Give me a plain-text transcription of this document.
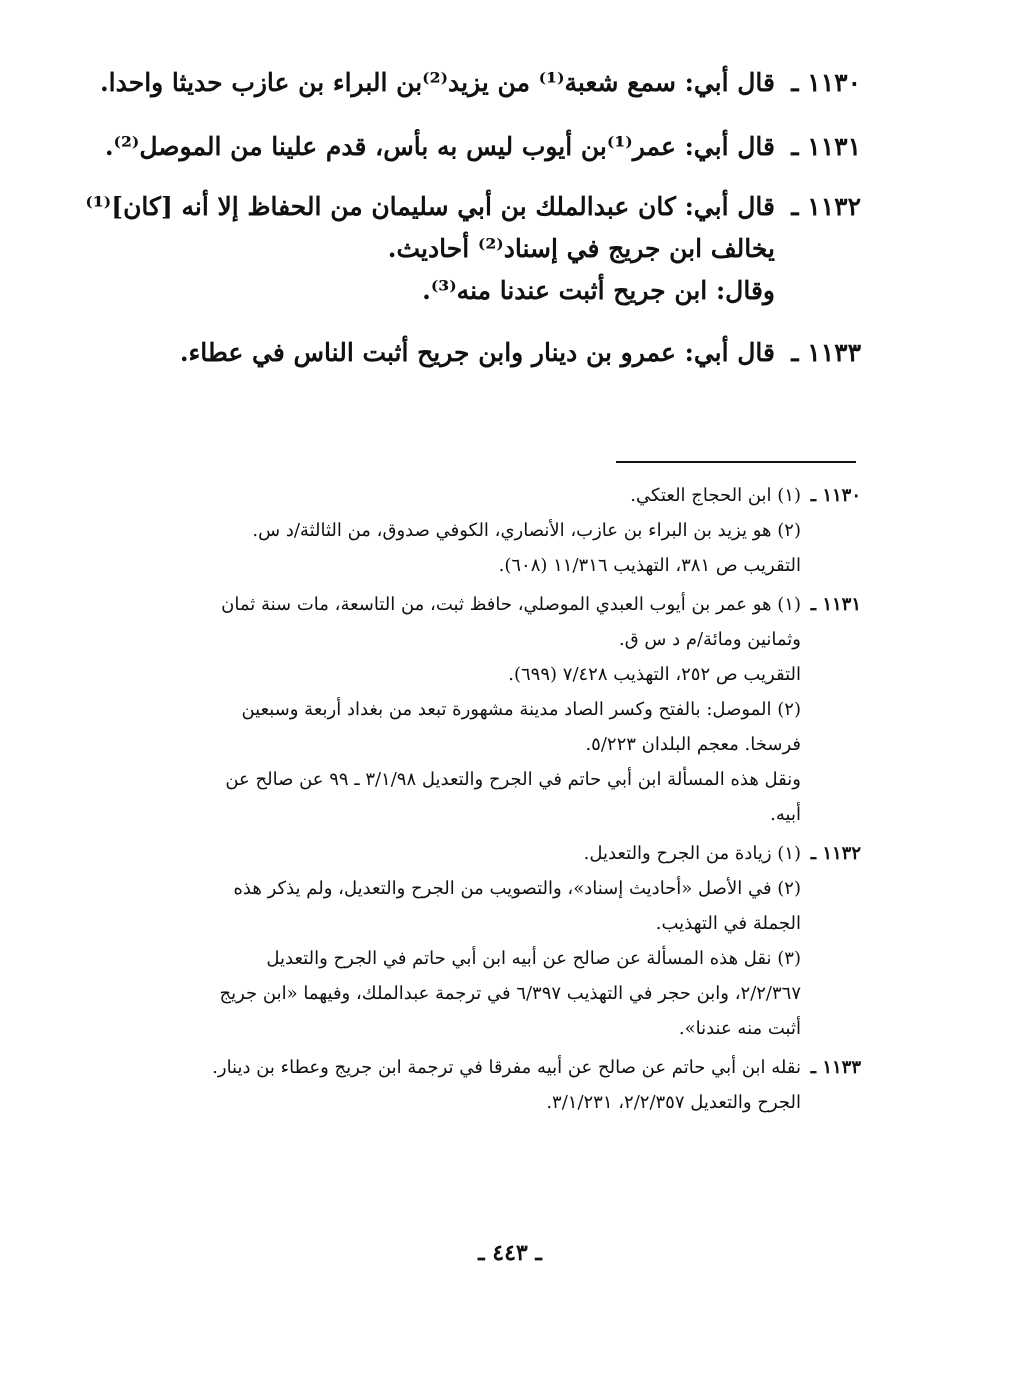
١١٣٠ ـ
قال أبي: سمع شعبة⁽¹⁾ من يزيد⁽²⁾بن البراء بن عازب حديثا واحدا.
١١٣١ ـ
قال أبي: عمر⁽¹⁾بن أيوب ليس به بأس، قدم علينا من الموصل⁽²⁾.
١١٣٢ ـ
قال أبي: كان عبدالملك بن أبي سليمان من الحفاظ إلا أنه [كان]⁽¹⁾
يخالف ابن جريج في إسناد⁽²⁾ أحاديث.
وقال: ابن جريح أثبت عندنا منه⁽³⁾.
١١٣٣ ـ
قال أبي: عمرو بن دينار وابن جريح أثبت الناس في عطاء.
١١٣٠ ـ
(١) ابن الحجاج العتكي.
(٢) هو يزيد بن البراء بن عازب، الأنصاري، الكوفي صدوق، من الثالثة/د س.
التقريب ص ٣٨١، التهذيب ١١/٣١٦ (٦٠٨).
١١٣١ ـ
(١) هو عمر بن أيوب العبدي الموصلي، حافظ ثبت، من التاسعة، مات سنة ثمان
وثمانين ومائة/م د س ق.
التقريب ص ٢٥٢، التهذيب ٧/٤٢٨ (٦٩٩).
(٢) الموصل: بالفتح وكسر الصاد مدينة مشهورة تبعد من بغداد أربعة وسبعين
فرسخا. معجم البلدان ٥/٢٢٣.
ونقل هذه المسألة ابن أبي حاتم في الجرح والتعديل ٣/١/٩٨ ـ ٩٩ عن صالح عن
أبيه.
١١٣٢ ـ
(١) زيادة من الجرح والتعديل.
(٢) في الأصل «أحاديث إسناد»، والتصويب من الجرح والتعديل، ولم يذكر هذه
الجملة في التهذيب.
(٣) نقل هذه المسألة عن صالح عن أبيه ابن أبي حاتم في الجرح والتعديل
٢/٢/٣٦٧، وابن حجر في التهذيب ٦/٣٩٧ في ترجمة عبدالملك، وفيهما «ابن جريج
أثبت منه عندنا».
١١٣٣ ـ
نقله ابن أبي حاتم عن صالح عن أبيه مفرقا في ترجمة ابن جريج وعطاء بن دينار.
الجرح والتعديل ٢/٢/٣٥٧، ٣/١/٢٣١.
ـ ٤٤٣ ـ
